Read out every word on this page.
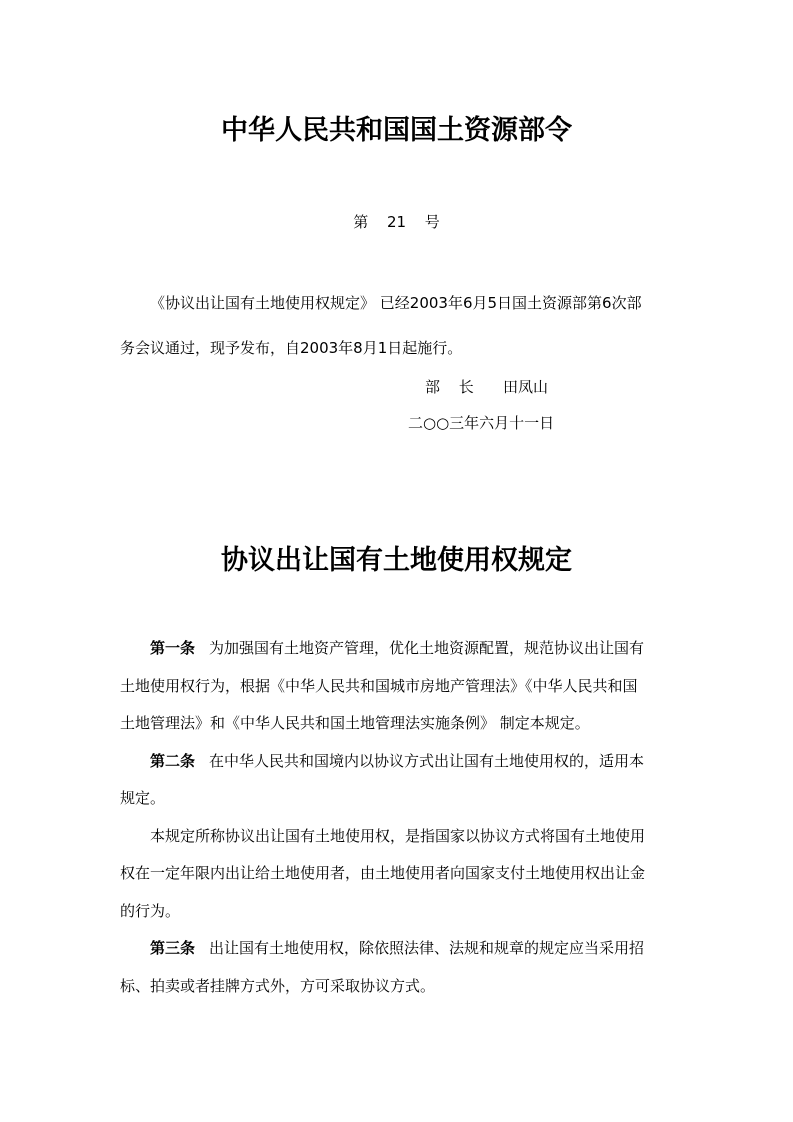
中华人民共和国国土资源部令
第 21 号
《协议出让国有土地使用权规定》 已经2003年6月5日国土资源部第6次部
务会议通过，现予发布，自2003年8月1日起施行。
部 长 田凤山
二○○三年六月十一日
协议出让国有土地使用权规定
第一条 为加强国有土地资产管理，优化土地资源配置，规范协议出让国有
土地使用权行为，根据《中华人民共和国城市房地产管理法》《中华人民共和国
土地管理法》和《中华人民共和国土地管理法实施条例》 制定本规定。
第二条 在中华人民共和国境内以协议方式出让国有土地使用权的，适用本
规定。
本规定所称协议出让国有土地使用权，是指国家以协议方式将国有土地使用
权在一定年限内出让给土地使用者，由土地使用者向国家支付土地使用权出让金
的行为。
第三条 出让国有土地使用权，除依照法律、法规和规章的规定应当采用招
标、拍卖或者挂牌方式外，方可采取协议方式。
